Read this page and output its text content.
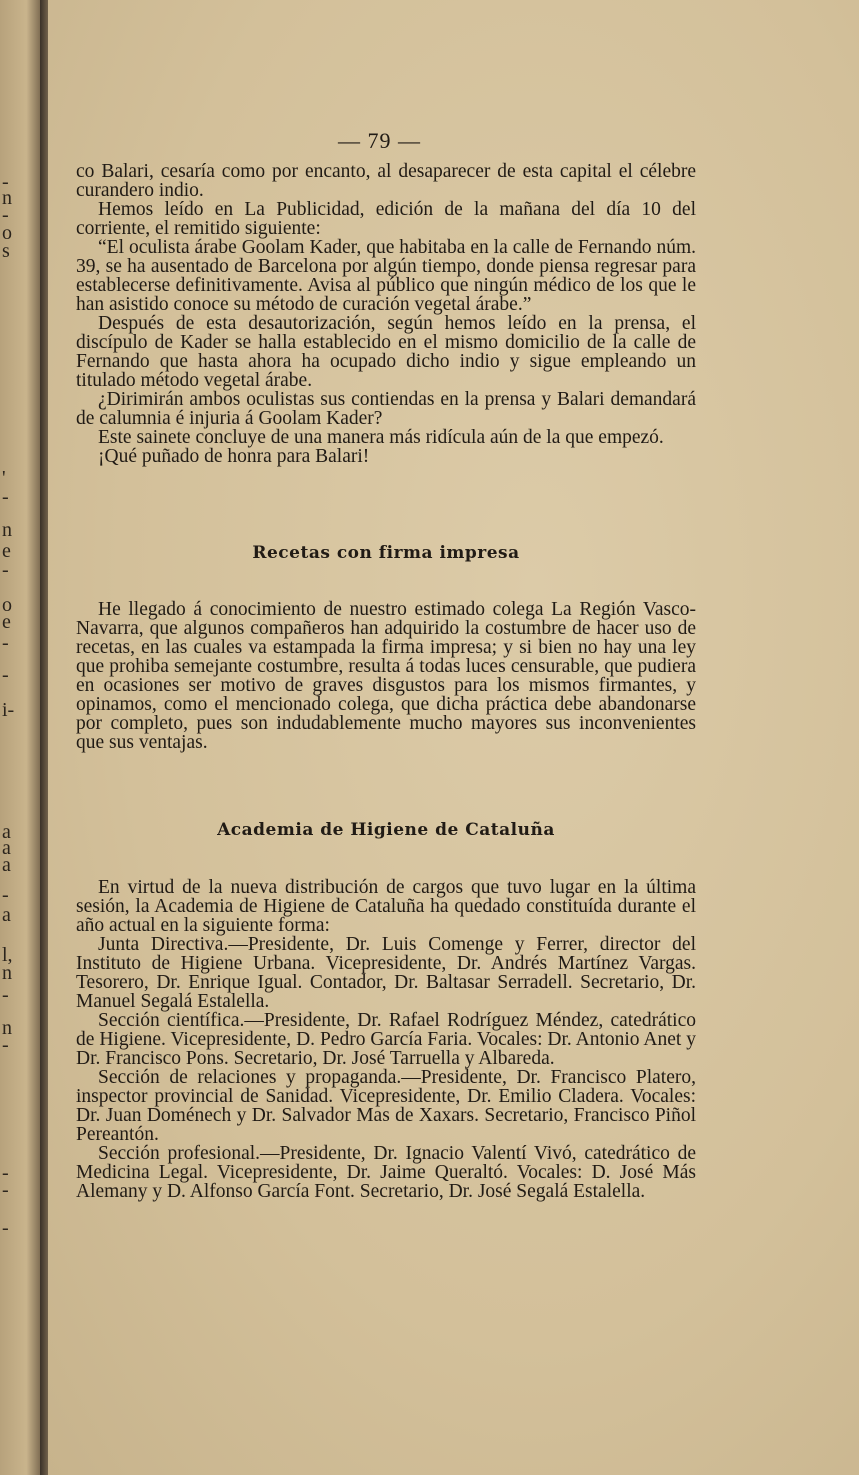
-
n
-
o
s
'
-
n
e
-
o
e
-
-
i-
a
a
a
-
a
l,
n
-
n
-
-
-
-
— 79 —

co Balari, cesaría como por encanto, al desaparecer de esta capital el célebre curandero indio.

Hemos leído en La Publicidad, edición de la mañana del día 10 del corriente, el remitido siguiente:

“El oculista árabe Goolam Kader, que habitaba en la calle de Fernando núm. 39, se ha ausentado de Barcelona por algún tiempo, donde piensa regresar para establecerse definitivamente. Avisa al público que ningún médico de los que le han asistido conoce su método de curación vegetal árabe.”

Después de esta desautorización, según hemos leído en la prensa, el discípulo de Kader se halla establecido en el mismo domicilio de la calle de Fernando que hasta ahora ha ocupado dicho indio y sigue empleando un titulado método vegetal árabe.

¿Dirimirán ambos oculistas sus contiendas en la prensa y Balari demandará de calumnia é injuria á Goolam Kader?

Este sainete concluye de una manera más ridícula aún de la que empezó.

¡Qué puñado de honra para Balari!

Recetas con firma impresa

He llegado á conocimiento de nuestro estimado colega La Región Vasco-Navarra, que algunos compañeros han adquirido la costumbre de hacer uso de recetas, en las cuales va estampada la firma impresa; y si bien no hay una ley que prohiba semejante costumbre, resulta á todas luces censurable, que pudiera en ocasiones ser motivo de graves disgustos para los mismos firmantes, y opinamos, como el mencionado colega, que dicha práctica debe abandonarse por completo, pues son indudablemente mucho mayores sus inconvenientes que sus ventajas.

Academia de Higiene de Cataluña

En virtud de la nueva distribución de cargos que tuvo lugar en la última sesión, la Academia de Higiene de Cataluña ha quedado constituída durante el año actual en la siguiente forma:

Junta Directiva.—Presidente, Dr. Luis Comenge y Ferrer, director del Instituto de Higiene Urbana. Vicepresidente, Dr. Andrés Martínez Vargas. Tesorero, Dr. Enrique Igual. Contador, Dr. Baltasar Serradell. Secretario, Dr. Manuel Segalá Estalella.

Sección científica.—Presidente, Dr. Rafael Rodríguez Méndez, catedrático de Higiene. Vicepresidente, D. Pedro García Faria. Vocales: Dr. Antonio Anet y Dr. Francisco Pons. Secretario, Dr. José Tarruella y Albareda.

Sección de relaciones y propaganda.—Presidente, Dr. Francisco Platero, inspector provincial de Sanidad. Vicepresidente, Dr. Emilio Cladera. Vocales: Dr. Juan Doménech y Dr. Salvador Mas de Xaxars. Secretario, Francisco Piñol Pereantón.

Sección profesional.—Presidente, Dr. Ignacio Valentí Vivó, catedrático de Medicina Legal. Vicepresidente, Dr. Jaime Queraltó. Vocales: D. José Más Alemany y D. Alfonso García Font. Secretario, Dr. José Segalá Estalella.
